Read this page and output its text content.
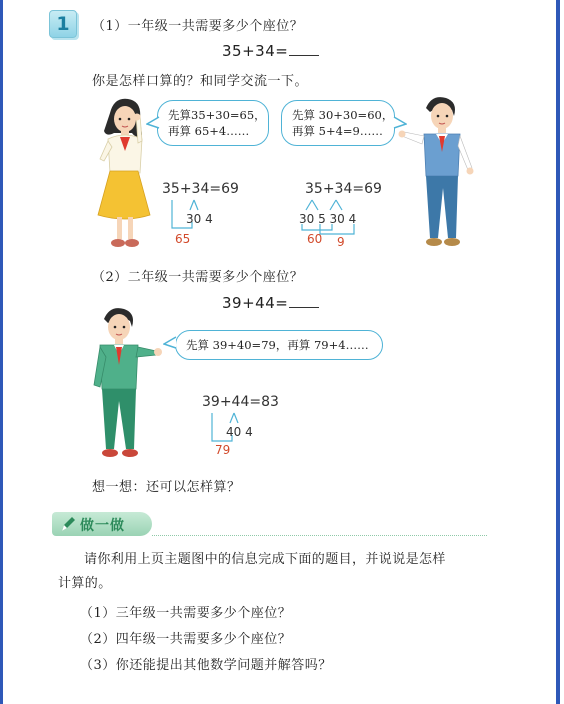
1	（1）一年级一共需要多少个座位？
35+34=
你是怎样口算的？和同学交流一下。
先算35+30=65，
再算 65+4……
先算 30+30=60，
再算 5+4=9……
35+34=69
30 4
65
35+34=69
30 5 30 4
60 9
（2）二年级一共需要多少个座位？
39+44=
先算 39+40=79，再算 79+4……
39+44=83
40 4
79
想一想：还可以怎样算？
做一做
请你利用上页主题图中的信息完成下面的题目，并说说是怎样
计算的。
（1）三年级一共需要多少个座位？
（2）四年级一共需要多少个座位？
（3）你还能提出其他数学问题并解答吗？
